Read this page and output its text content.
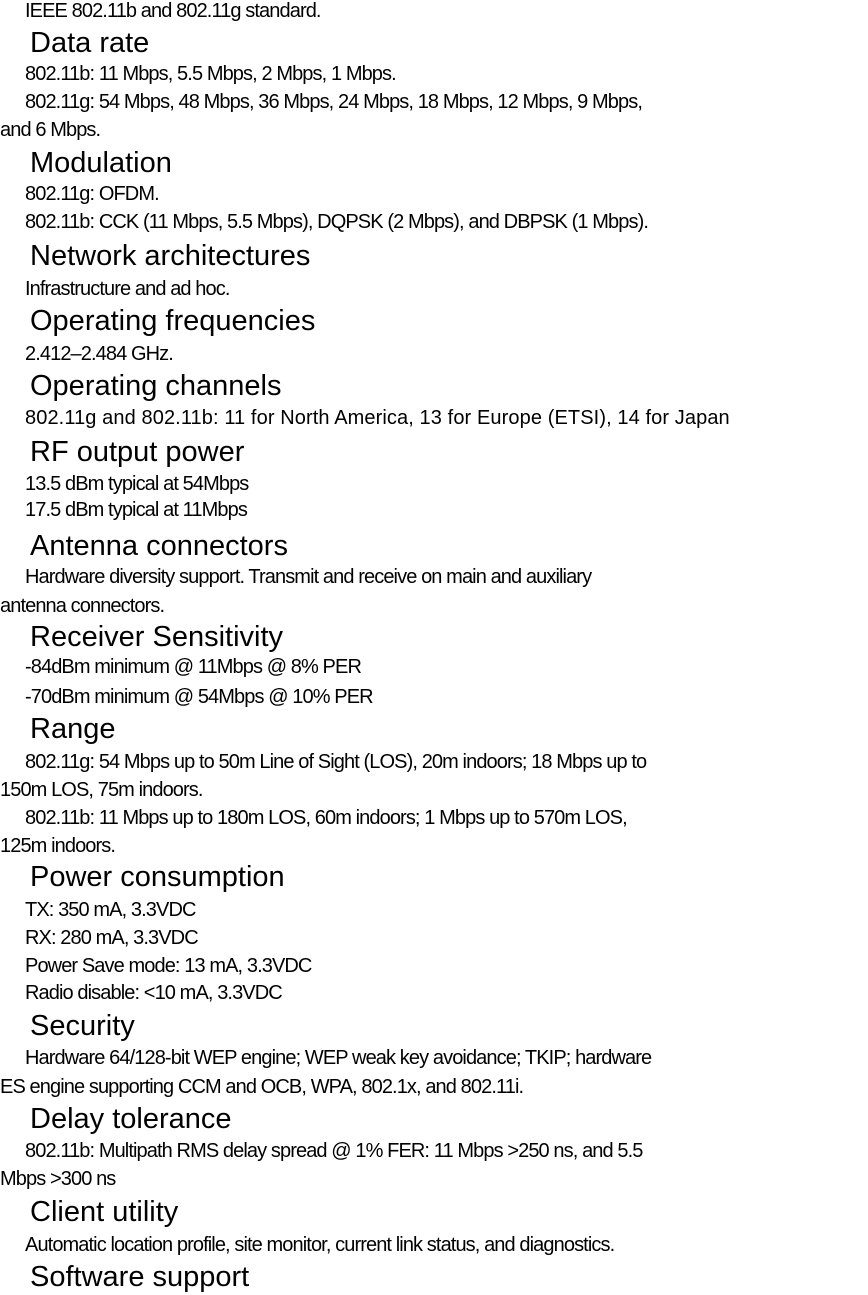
IEEE 802.11b and 802.11g standard.
Data rate
802.11b: 11 Mbps, 5.5 Mbps, 2 Mbps, 1 Mbps.
802.11g: 54 Mbps, 48 Mbps, 36 Mbps, 24 Mbps, 18 Mbps, 12 Mbps, 9 Mbps,
and 6 Mbps.
Modulation
802.11g: OFDM.
802.11b: CCK (11 Mbps, 5.5 Mbps), DQPSK (2 Mbps), and DBPSK (1 Mbps).
Network architectures
Infrastructure and ad hoc.
Operating frequencies
2.412–2.484 GHz.
Operating channels
802.11g and 802.11b: 11 for North America, 13 for Europe (ETSI), 14 for Japan
RF output power
13.5 dBm typical at 54Mbps
17.5 dBm typical at 11Mbps
Antenna connectors
Hardware diversity support. Transmit and receive on main and auxiliary
antenna connectors.
Receiver Sensitivity
-84dBm minimum @ 11Mbps @ 8% PER
-70dBm minimum @ 54Mbps @ 10% PER
Range
802.11g: 54 Mbps up to 50m Line of Sight (LOS), 20m indoors; 18 Mbps up to
150m LOS, 75m indoors.
802.11b: 11 Mbps up to 180m LOS, 60m indoors; 1 Mbps up to 570m LOS,
125m indoors.
Power consumption
TX: 350 mA, 3.3VDC
RX: 280 mA, 3.3VDC
Power Save mode: 13 mA, 3.3VDC
Radio disable: <10 mA, 3.3VDC
Security
Hardware 64/128-bit WEP engine; WEP weak key avoidance; TKIP; hardware
ES engine supporting CCM and OCB, WPA, 802.1x, and 802.11i.
Delay tolerance
802.11b: Multipath RMS delay spread @ 1% FER: 11 Mbps >250 ns, and 5.5
Mbps >300 ns
Client utility
Automatic location profile, site monitor, current link status, and diagnostics.
Software support
